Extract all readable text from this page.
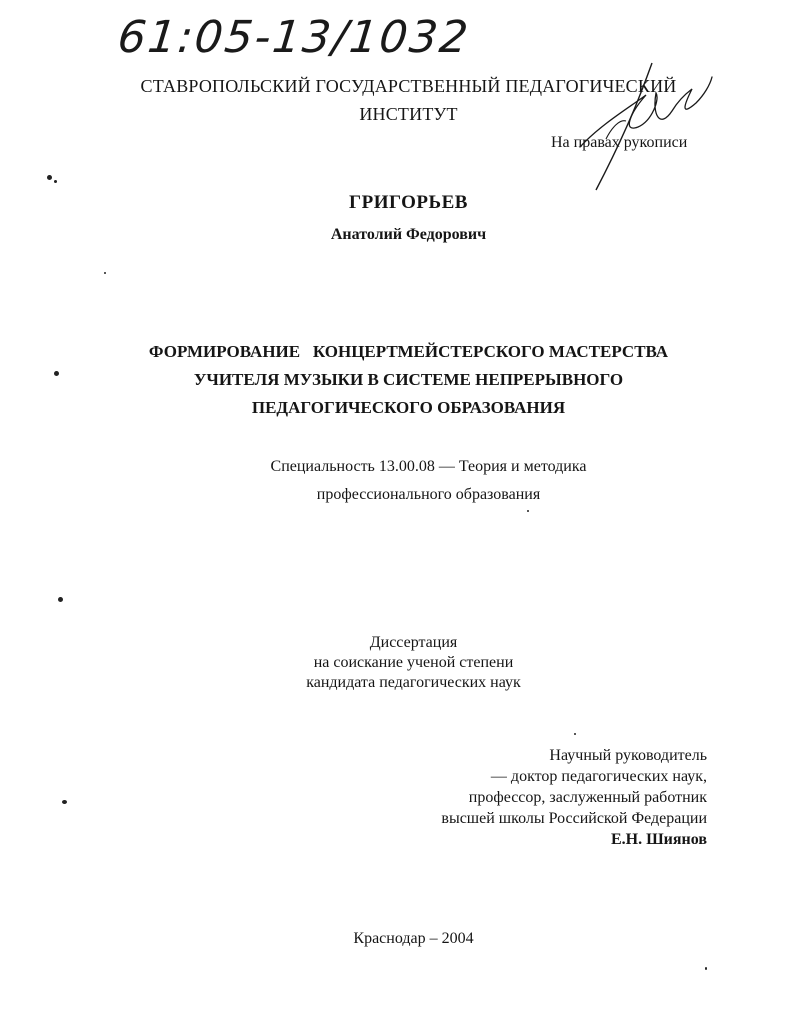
61:05-13/1032
СТАВРОПОЛЬСКИЙ ГОСУДАРСТВЕННЫЙ ПЕДАГОГИЧЕСКИЙ
ИНСТИТУТ
На правах рукописи
ГРИГОРЬЕВ
Анатолий Федорович
ФОРМИРОВАНИЕ   КОНЦЕРТМЕЙСТЕРСКОГО МАСТЕРСТВА
УЧИТЕЛЯ МУЗЫКИ В СИСТЕМЕ НЕПРЕРЫВНОГО
ПЕДАГОГИЧЕСКОГО ОБРАЗОВАНИЯ
Специальность 13.00.08 — Теория и методика
профессионального образования
Диссертация
на соискание ученой степени
кандидата педагогических наук
Научный руководитель
— доктор педагогических наук,
профессор, заслуженный работник
высшей школы Российской Федерации
Е.Н. Шиянов
Краснодар – 2004
